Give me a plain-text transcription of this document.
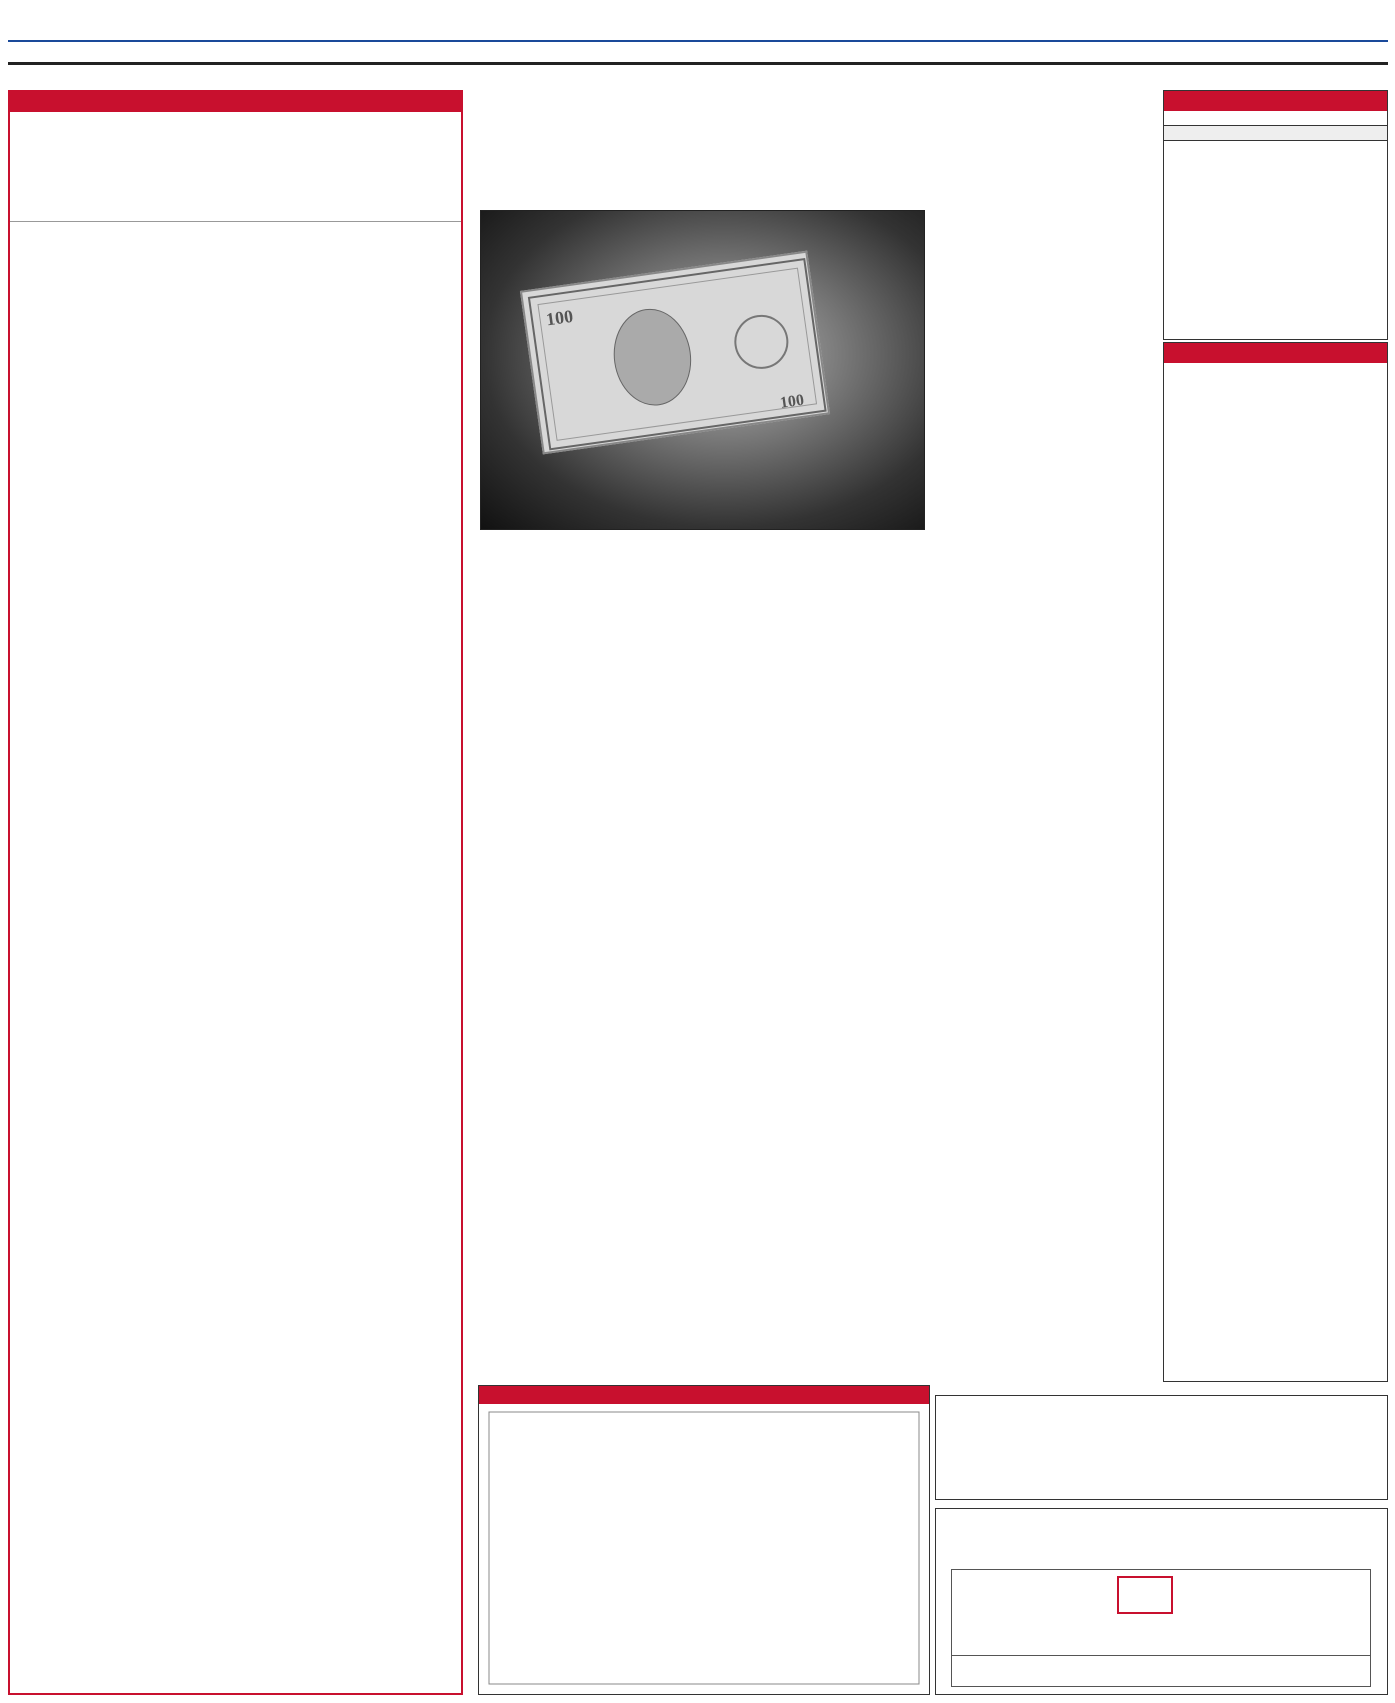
100
100
